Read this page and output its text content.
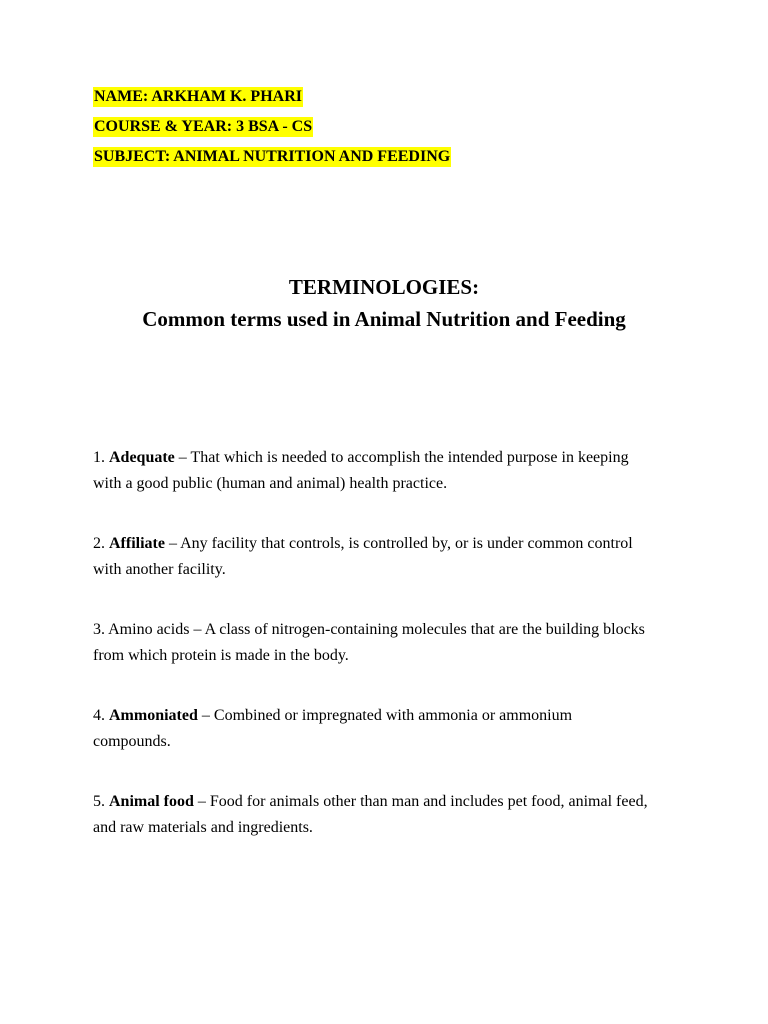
NAME: ARKHAM K. PHARI
COURSE & YEAR: 3 BSA - CS
SUBJECT: ANIMAL NUTRITION AND FEEDING
TERMINOLOGIES:
Common terms used in Animal Nutrition and Feeding

1. Adequate – That which is needed to accomplish the intended purpose in keeping with a good public (human and animal) health practice.

2. Affiliate – Any facility that controls, is controlled by, or is under common control with another facility.

3. Amino acids – A class of nitrogen-containing molecules that are the building blocks from which protein is made in the body.

4. Ammoniated – Combined or impregnated with ammonia or ammonium compounds.

5. Animal food – Food for animals other than man and includes pet food, animal feed, and raw materials and ingredients.
